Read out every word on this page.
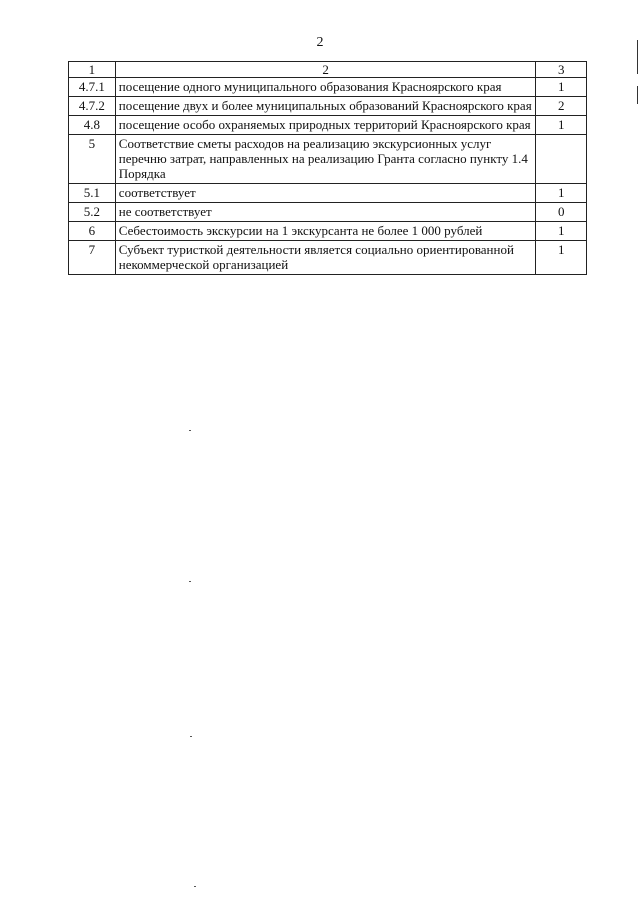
2
1	2	3
4.7.1	посещение одного муниципального образования Красноярского края	1
4.7.2	посещение двух и более муниципальных образований Красноярского края	2
4.8	посещение особо охраняемых природных территорий Красноярского края	1
5	Соответствие сметы расходов на реализацию экскурсионных услуг перечню затрат, направленных на реализацию Гранта согласно пункту 1.4 Порядка	
5.1	соответствует	1
5.2	не соответствует	0
6	Себестоимость экскурсии на 1 экскурсанта не более 1 000 рублей	1
7	Субъект туристкой деятельности является социально ориентированной некоммерческой организацией	1
